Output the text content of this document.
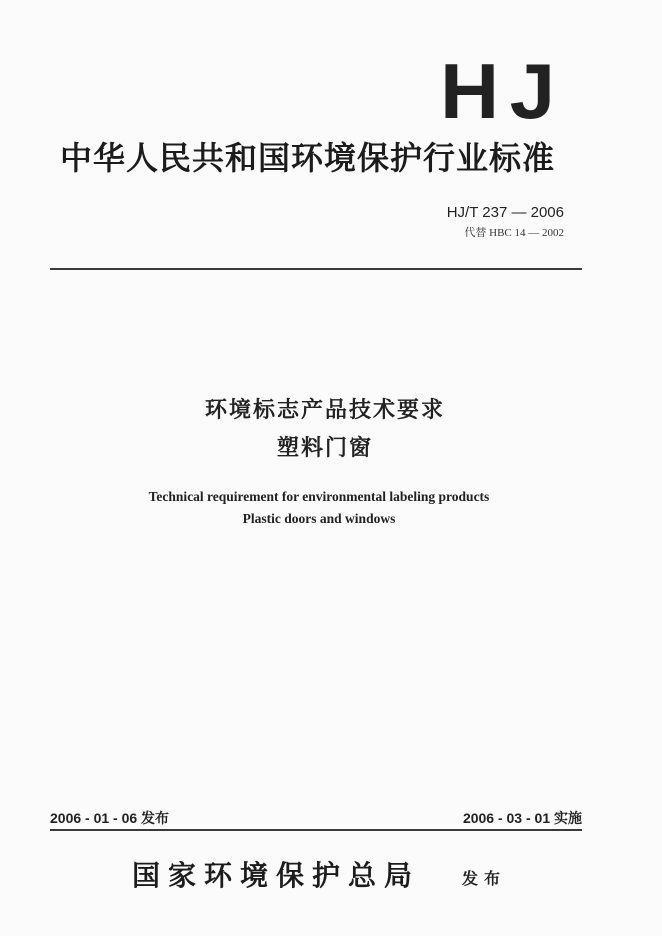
HJ
中华人民共和国环境保护行业标准
HJ/T 237 — 2006
代替 HBC 14 — 2002
环境标志产品技术要求
塑料门窗
Technical requirement for environmental labeling products
Plastic doors and windows
2006 - 01 - 06 发布	2006 - 03 - 01 实施
国家环境保护总局	发布
